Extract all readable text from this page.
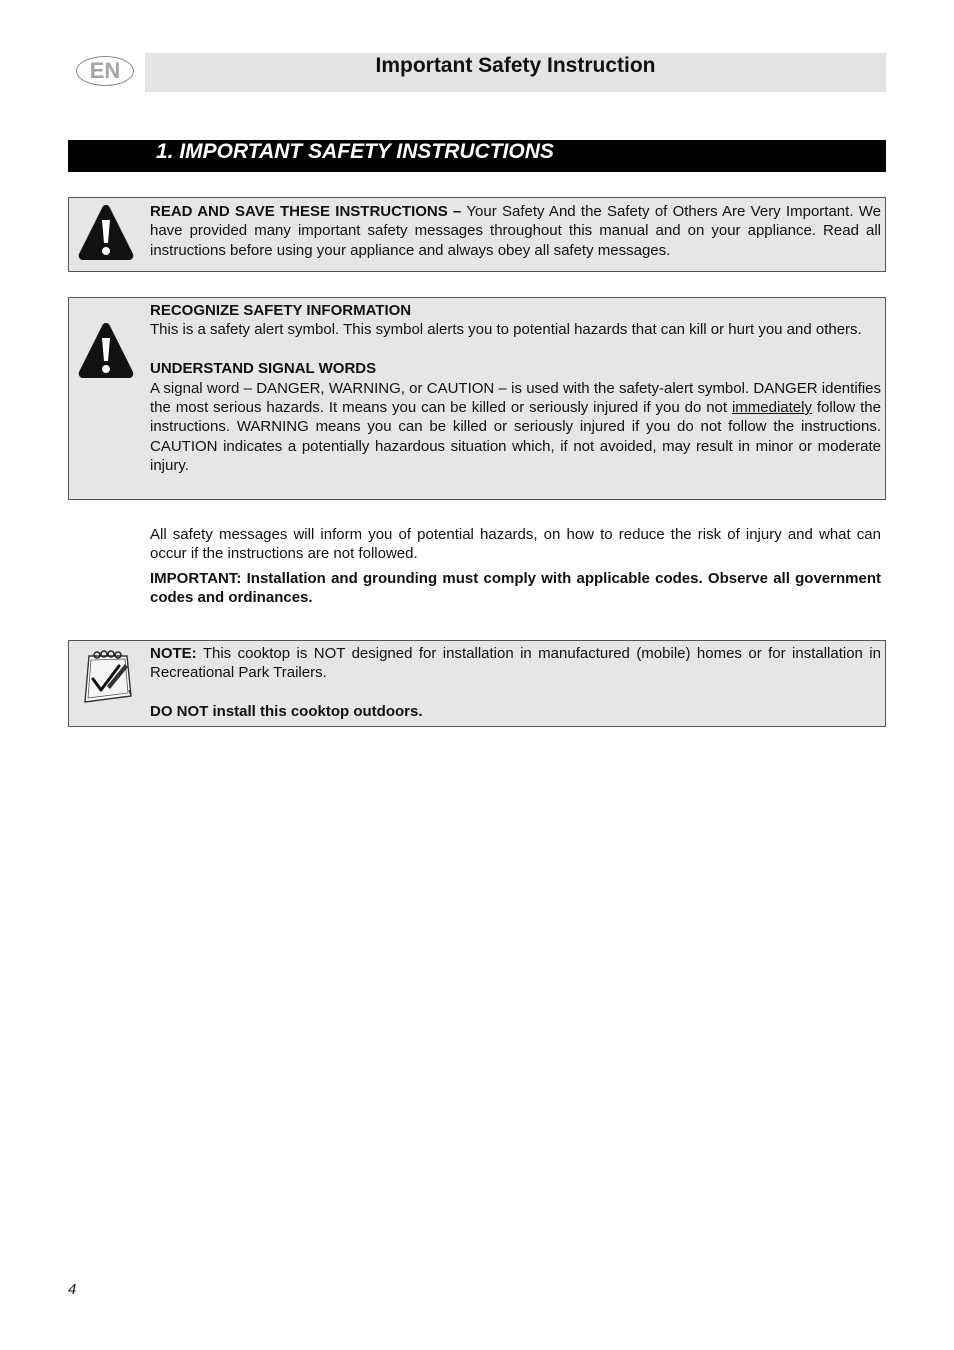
EN	Important Safety Instruction
1. IMPORTANT SAFETY INSTRUCTIONS

READ AND SAVE THESE INSTRUCTIONS – Your Safety And the Safety of Others Are Very Important. We have provided many important safety messages throughout this manual and on your appliance. Read all instructions before using your appliance and always obey all safety messages.

RECOGNIZE SAFETY INFORMATION

This is a safety alert symbol. This symbol alerts you to potential hazards that can kill or hurt you and others.

UNDERSTAND SIGNAL WORDS

A signal word – DANGER, WARNING, or CAUTION – is used with the safety-alert symbol. DANGER identifies the most serious hazards. It means you can be killed or seriously injured if you do not immediately follow the instructions. WARNING means you can be killed or seriously injured if you do not follow the instructions. CAUTION indicates a potentially hazardous situation which, if not avoided, may result in minor or moderate injury.

All safety messages will inform you of potential hazards, on how to reduce the risk of injury and what can occur if the instructions are not followed.

IMPORTANT: Installation and grounding must comply with applicable codes. Observe all government codes and ordinances.

NOTE: This cooktop is NOT designed for installation in manufactured (mobile) homes or for installation in Recreational Park Trailers.

DO NOT install this cooktop outdoors.

4
